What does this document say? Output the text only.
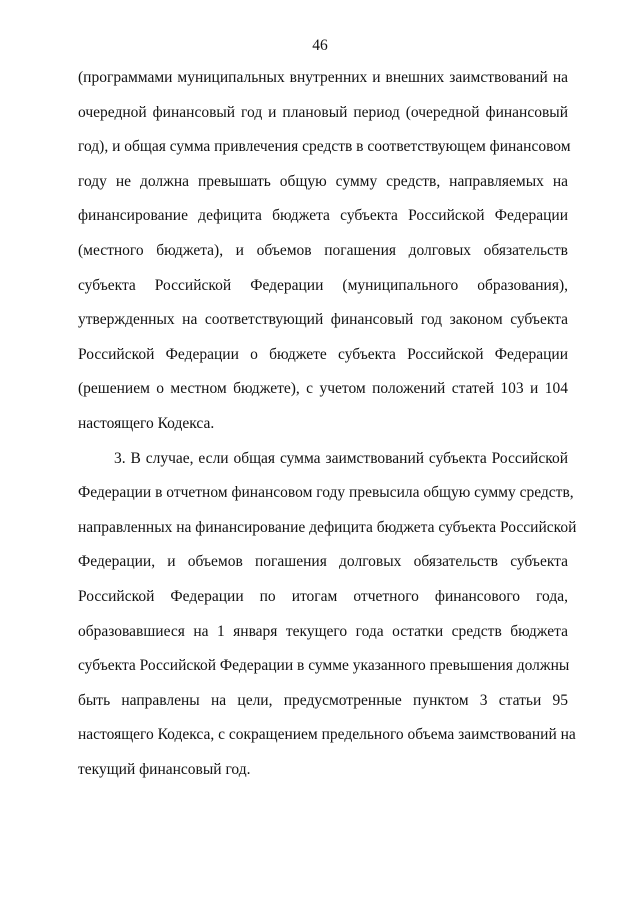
46
(программами муниципальных внутренних и внешних заимствований на
очередной финансовый год и плановый период (очередной финансовый
год), и общая сумма привлечения средств в соответствующем финансовом
году не должна превышать общую сумму средств, направляемых на
финансирование дефицита бюджета субъекта Российской Федерации
(местного бюджета), и объемов погашения долговых обязательств
субъекта Российской Федерации (муниципального образования),
утвержденных на соответствующий финансовый год законом субъекта
Российской Федерации о бюджете субъекта Российской Федерации
(решением о местном бюджете), с учетом положений статей 103 и 104
настоящего Кодекса.
3. В случае, если общая сумма заимствований субъекта Российской
Федерации в отчетном финансовом году превысила общую сумму средств,
направленных на финансирование дефицита бюджета субъекта Российской
Федерации, и объемов погашения долговых обязательств субъекта
Российской Федерации по итогам отчетного финансового года,
образовавшиеся на 1 января текущего года остатки средств бюджета
субъекта Российской Федерации в сумме указанного превышения должны
быть направлены на цели, предусмотренные пунктом 3 статьи 95
настоящего Кодекса, с сокращением предельного объема заимствований на
текущий финансовый год.
